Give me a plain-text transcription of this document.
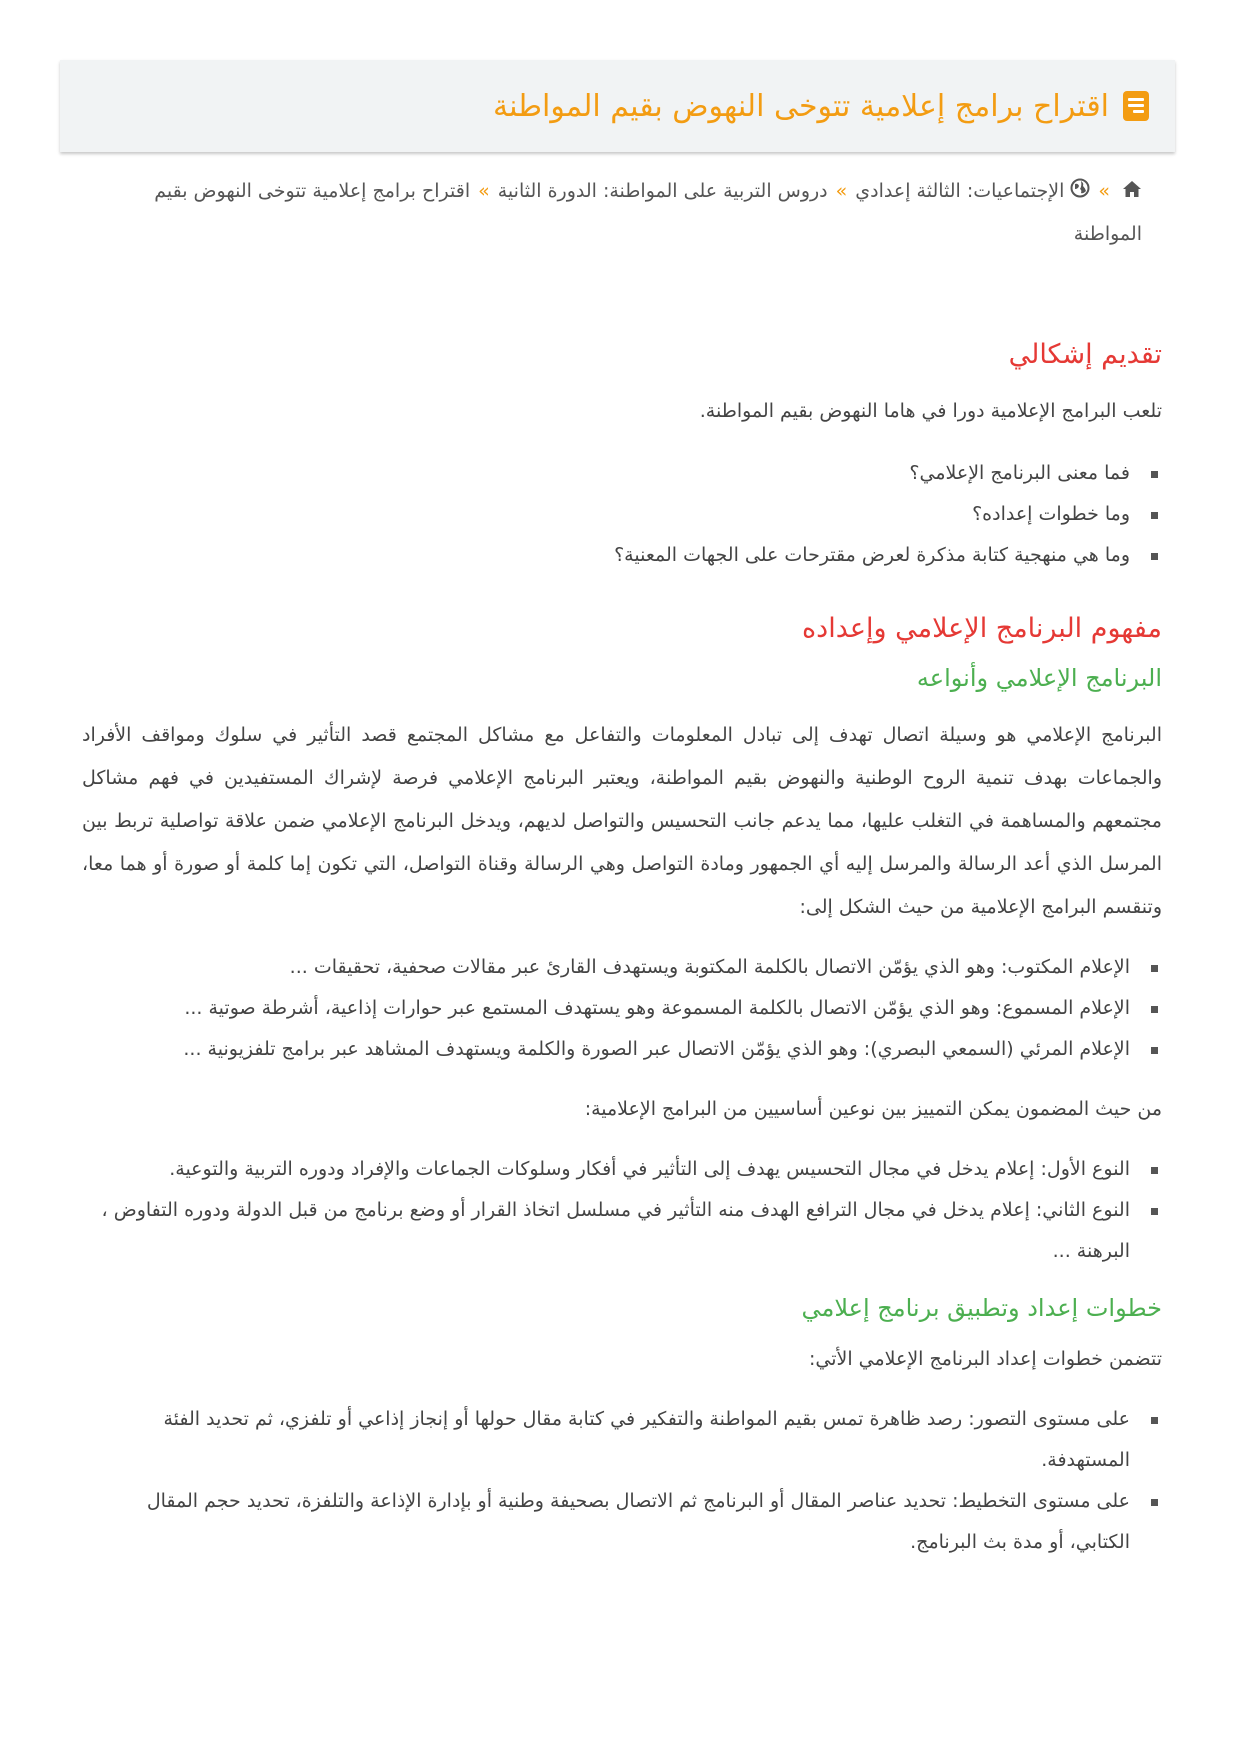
اقتراح برامج إعلامية تتوخى النهوض بقيم المواطنة
»الإجتماعيات: الثالثة إعدادي»دروس التربية على المواطنة: الدورة الثانية»اقتراح برامج إعلامية تتوخى النهوض بقيم المواطنة
تقديم إشكالي

تلعب البرامج الإعلامية دورا في هاما النهوض بقيم المواطنة.

فما معنى البرنامج الإعلامي؟
وما خطوات إعداده؟
وما هي منهجية كتابة مذكرة لعرض مقترحات على الجهات المعنية؟
مفهوم البرنامج الإعلامي وإعداده
البرنامج الإعلامي وأنواعه

البرنامج الإعلامي هو وسيلة اتصال تهدف إلى تبادل المعلومات والتفاعل مع مشاكل المجتمع قصد التأثير في سلوك ومواقف الأفراد والجماعات بهدف تنمية الروح الوطنية والنهوض بقيم المواطنة، ويعتبر البرنامج الإعلامي فرصة لإشراك المستفيدين في فهم مشاكل مجتمعهم والمساهمة في التغلب عليها، مما يدعم جانب التحسيس والتواصل لديهم، ويدخل البرنامج الإعلامي ضمن علاقة تواصلية تربط بين المرسل الذي أعد الرسالة والمرسل إليه أي الجمهور ومادة التواصل وهي الرسالة وقناة التواصل، التي تكون إما كلمة أو صورة أو هما معا، وتنقسم البرامج الإعلامية من حيث الشكل إلى:

الإعلام المكتوب: وهو الذي يؤمّن الاتصال بالكلمة المكتوبة ويستهدف القارئ عبر مقالات صحفية، تحقيقات ...
الإعلام المسموع: وهو الذي يؤمّن الاتصال بالكلمة المسموعة وهو يستهدف المستمع عبر حوارات إذاعية، أشرطة صوتية ...
الإعلام المرئي (السمعي البصري): وهو الذي يؤمّن الاتصال عبر الصورة والكلمة ويستهدف المشاهد عبر برامج تلفزيونية ...

من حيث المضمون يمكن التمييز بين نوعين أساسيين من البرامج الإعلامية:

النوع الأول: إعلام يدخل في مجال التحسيس يهدف إلى التأثير في أفكار وسلوكات الجماعات والإفراد ودوره التربية والتوعية.
النوع الثاني: إعلام يدخل في مجال الترافع الهدف منه التأثير في مسلسل اتخاذ القرار أو وضع برنامج من قبل الدولة ودوره التفاوض ، البرهنة ...
خطوات إعداد وتطبيق برنامج إعلامي

تتضمن خطوات إعداد البرنامج الإعلامي الأتي:

على مستوى التصور: رصد ظاهرة تمس بقيم المواطنة والتفكير في كتابة مقال حولها أو إنجاز إذاعي أو تلفزي، ثم تحديد الفئة المستهدفة.
على مستوى التخطيط: تحديد عناصر المقال أو البرنامج ثم الاتصال بصحيفة وطنية أو بإدارة الإذاعة والتلفزة، تحديد حجم المقال الكتابي، أو مدة بث البرنامج.
